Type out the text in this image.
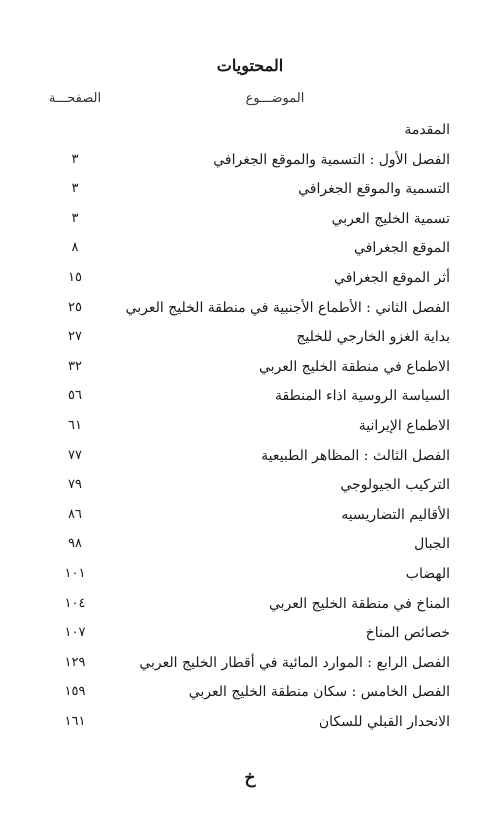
المحتويات
الموضـــوع
الصفحـــة
المقدمة
الفصل الأول : التسمية والموقع الجغرافي
٣
التسمية والموقع الجغرافي
٣
تسمية الخليج العربي
٣
الموقع الجغرافي
٨
أثر الموقع الجغرافي
١٥
الفصل الثاني : الأطماع الأجنبية في منطقة الخليج العربي
٢٥
بداية الغزو الخارجي للخليج
٢٧
الاطماع في منطقة الخليج العربي
٣٢
السياسة الروسية اذاء المنطقة
٥٦
الاطماع الإيرانية
٦١
الفصل الثالث : المظاهر الطبيعية
٧٧
التركيب الجيولوجي
٧٩
الأقاليم التضاريسيه
٨٦
الجبال
٩٨
الهضاب
١٠١
المناخ في منطقة الخليج العربي
١٠٤
خصائص المناخ
١٠٧
الفصل الرابع : الموارد المائية في أقطار الخليج العربي
١٢٩
الفصل الخامس : سكان منطقة الخليج العربي
١٥٩
الانحدار القبلي للسكان
١٦١
خ
